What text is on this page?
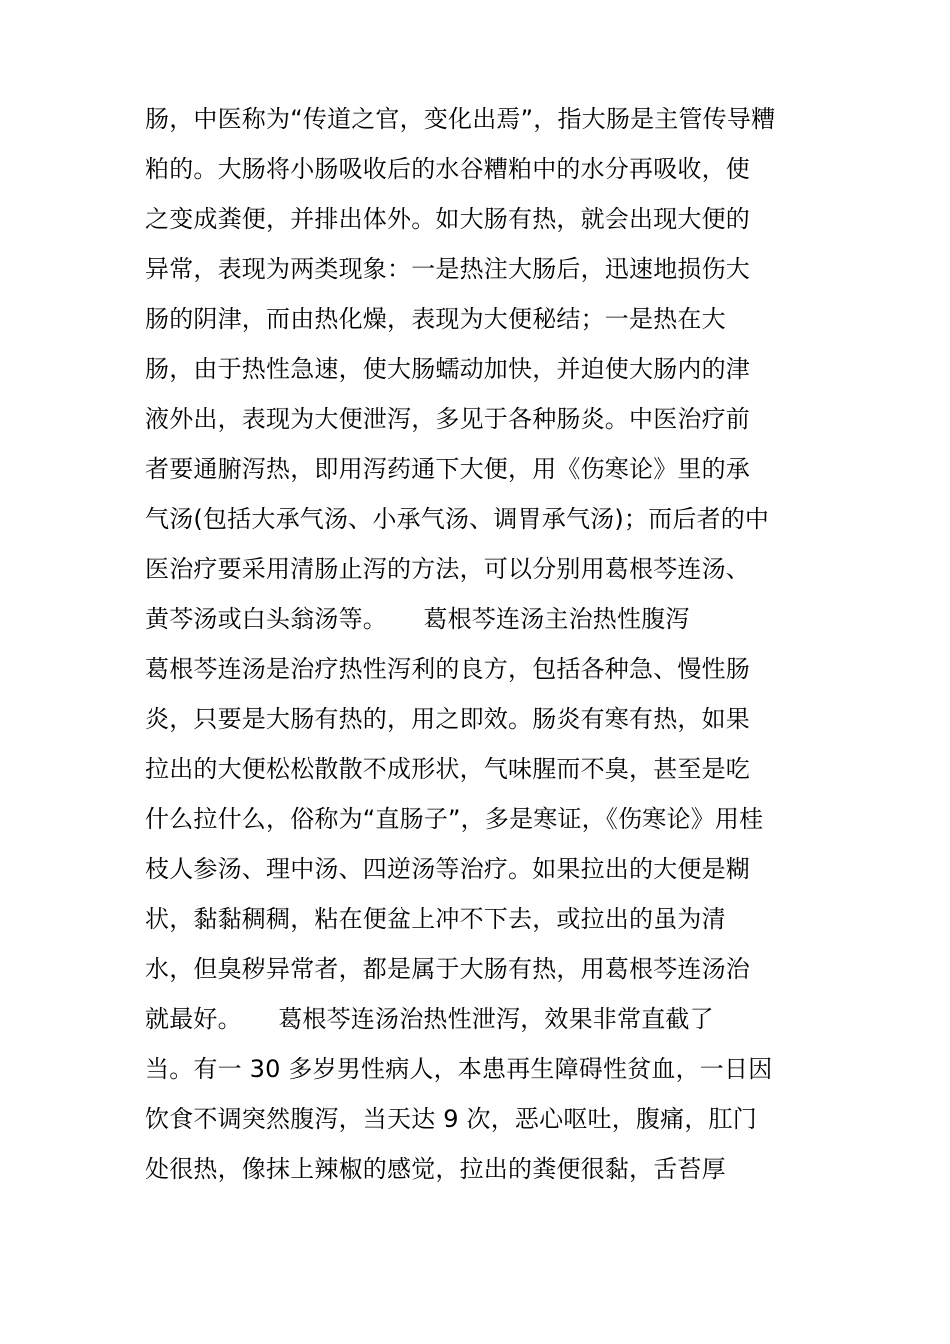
肠，中医称为“传道之官，变化出焉”，指大肠是主管传导糟
粕的。大肠将小肠吸收后的水谷糟粕中的水分再吸收，使
之变成粪便，并排出体外。如大肠有热，就会出现大便的
异常，表现为两类现象：一是热注大肠后，迅速地损伤大
肠的阴津，而由热化燥，表现为大便秘结；一是热在大
肠，由于热性急速，使大肠蠕动加快，并迫使大肠内的津
液外出，表现为大便泄泻，多见于各种肠炎。中医治疗前
者要通腑泻热，即用泻药通下大便，用《伤寒论》里的承
气汤(包括大承气汤、小承气汤、调胃承气汤)；而后者的中
医治疗要采用清肠止泻的方法，可以分别用葛根芩连汤、
黄芩汤或白头翁汤等。　　葛根芩连汤主治热性腹泻
葛根芩连汤是治疗热性泻利的良方，包括各种急、慢性肠
炎，只要是大肠有热的，用之即效。肠炎有寒有热，如果
拉出的大便松松散散不成形状，气味腥而不臭，甚至是吃
什么拉什么，俗称为“直肠子”，多是寒证，《伤寒论》用桂
枝人参汤、理中汤、四逆汤等治疗。如果拉出的大便是糊
状，黏黏稠稠，粘在便盆上冲不下去，或拉出的虽为清
水，但臭秽异常者，都是属于大肠有热，用葛根芩连汤治
就最好。　　葛根芩连汤治热性泄泻，效果非常直截了
当。有一 30 多岁男性病人，本患再生障碍性贫血，一日因
饮食不调突然腹泻，当天达 9 次，恶心呕吐，腹痛，肛门
处很热，像抹上辣椒的感觉，拉出的粪便很黏，舌苔厚
